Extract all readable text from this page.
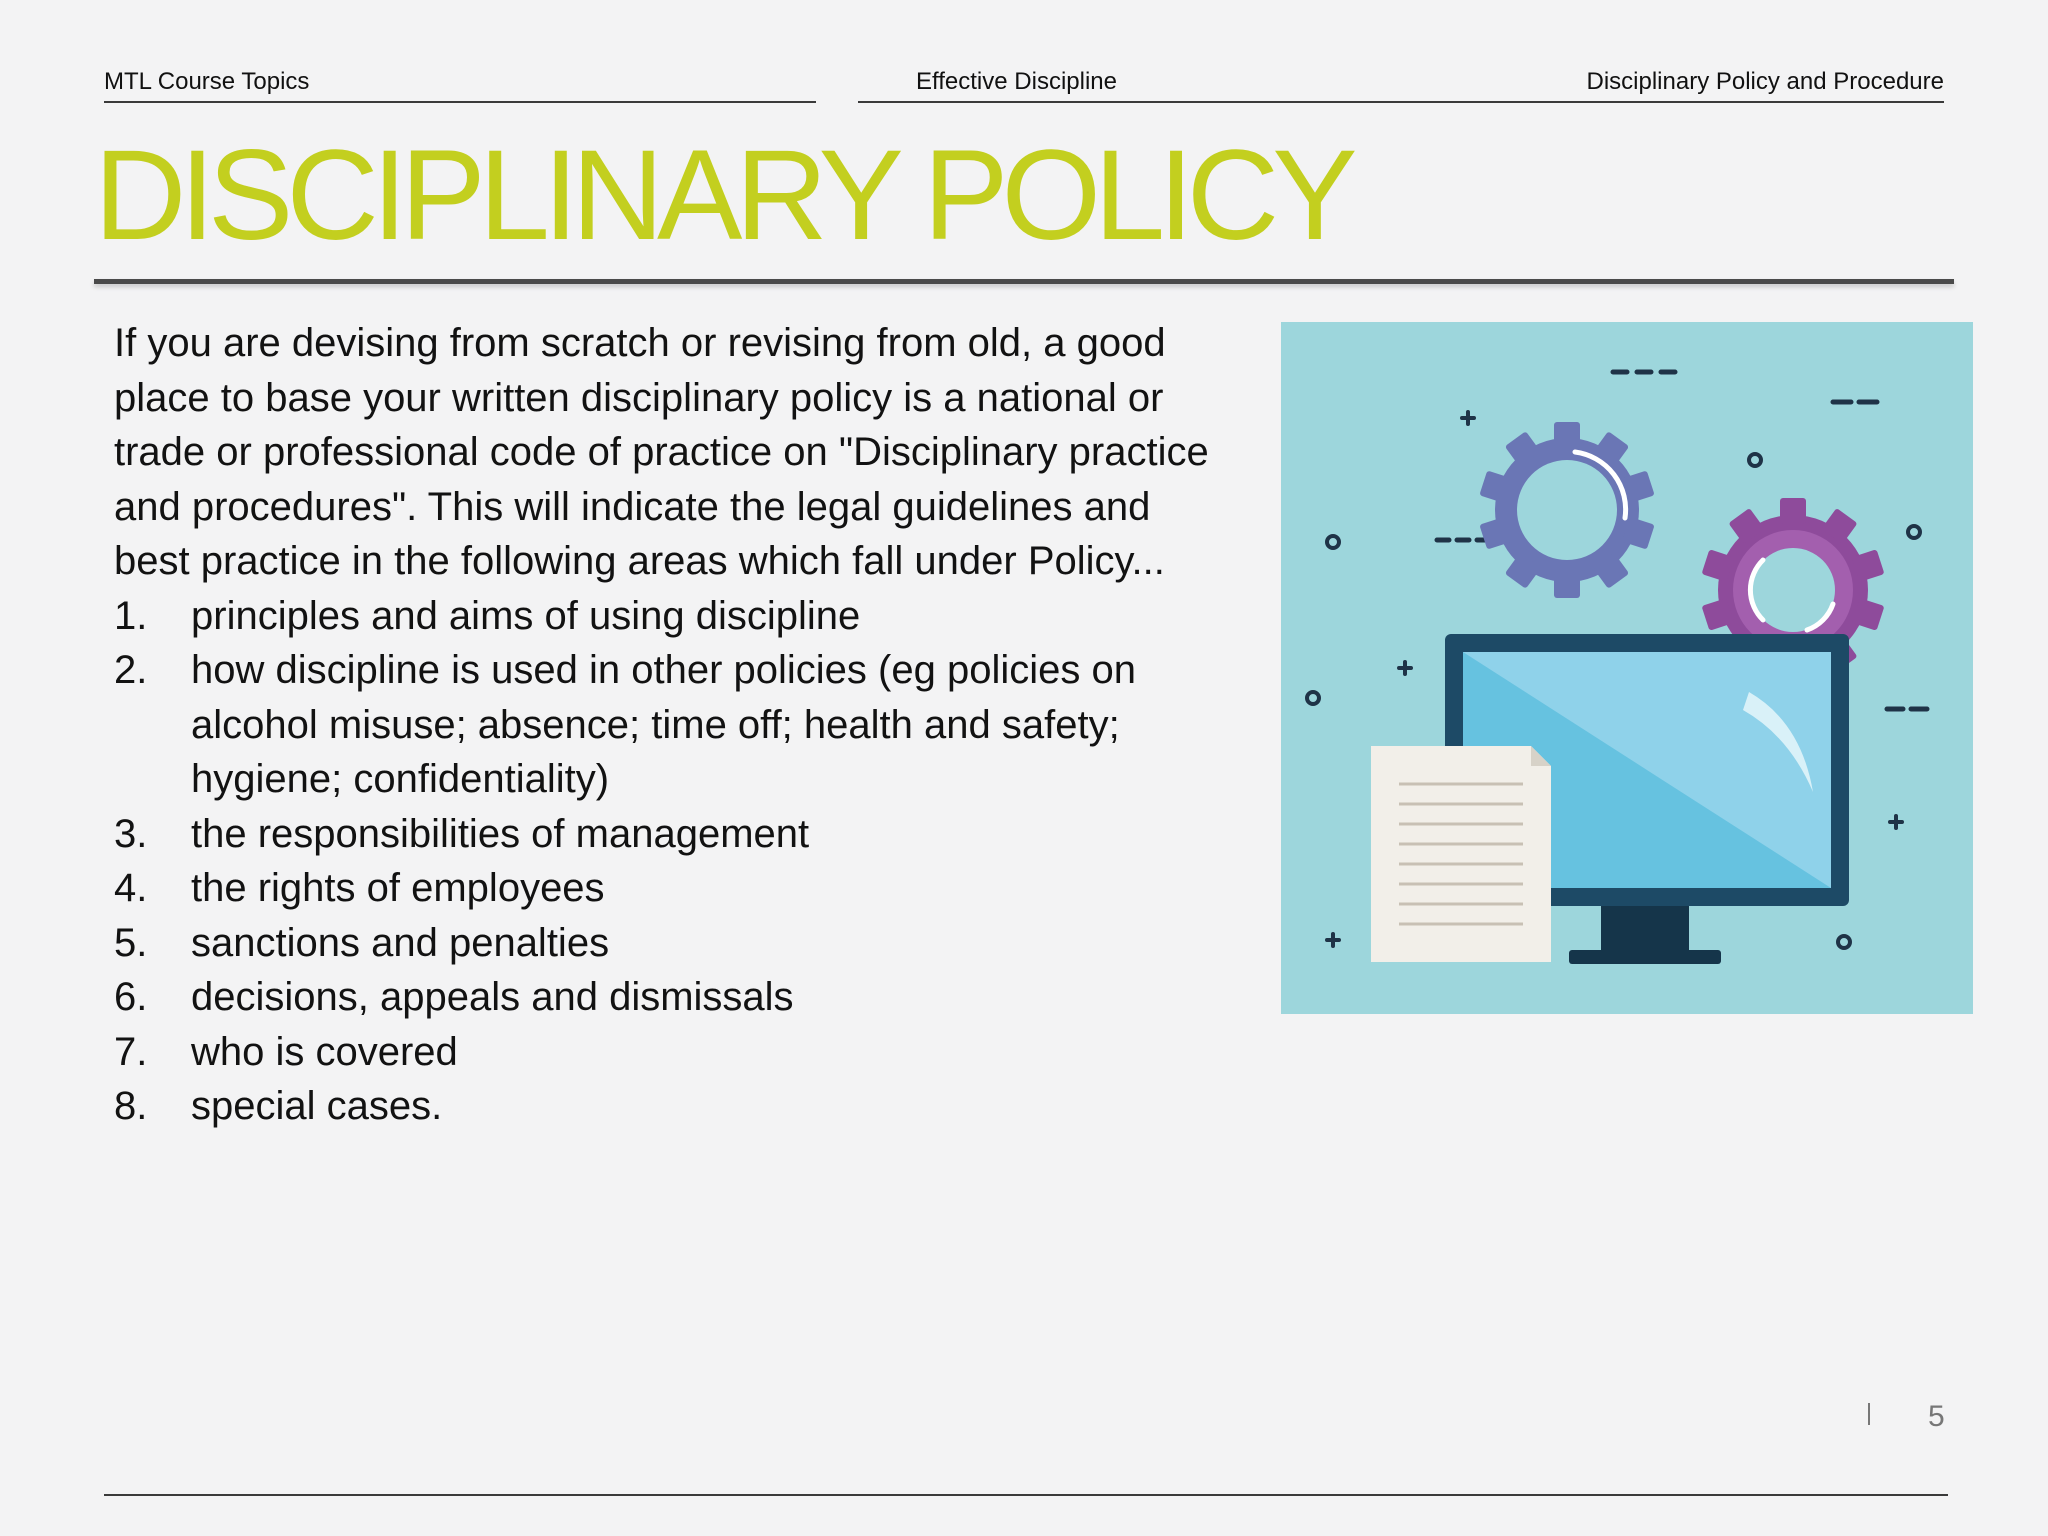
MTL Course Topics	Effective Discipline	Disciplinary Policy and Procedure
DISCIPLINARY POLICY

If you are devising from scratch or revising from old, a good place to base your written disciplinary policy is a national or trade or professional code of practice on "Disciplinary practice and procedures". This will indicate the legal guidelines and best practice in the following areas which fall under Policy...

1. principles and aims of using discipline
2. how discipline is used in other policies (eg policies on alcohol misuse; absence; time off; health and safety; hygiene; confidentiality)
3. the responsibilities of management
4. the rights of employees
5. sanctions and penalties
6. decisions, appeals and dismissals
7. who is covered
8. special cases.
5
